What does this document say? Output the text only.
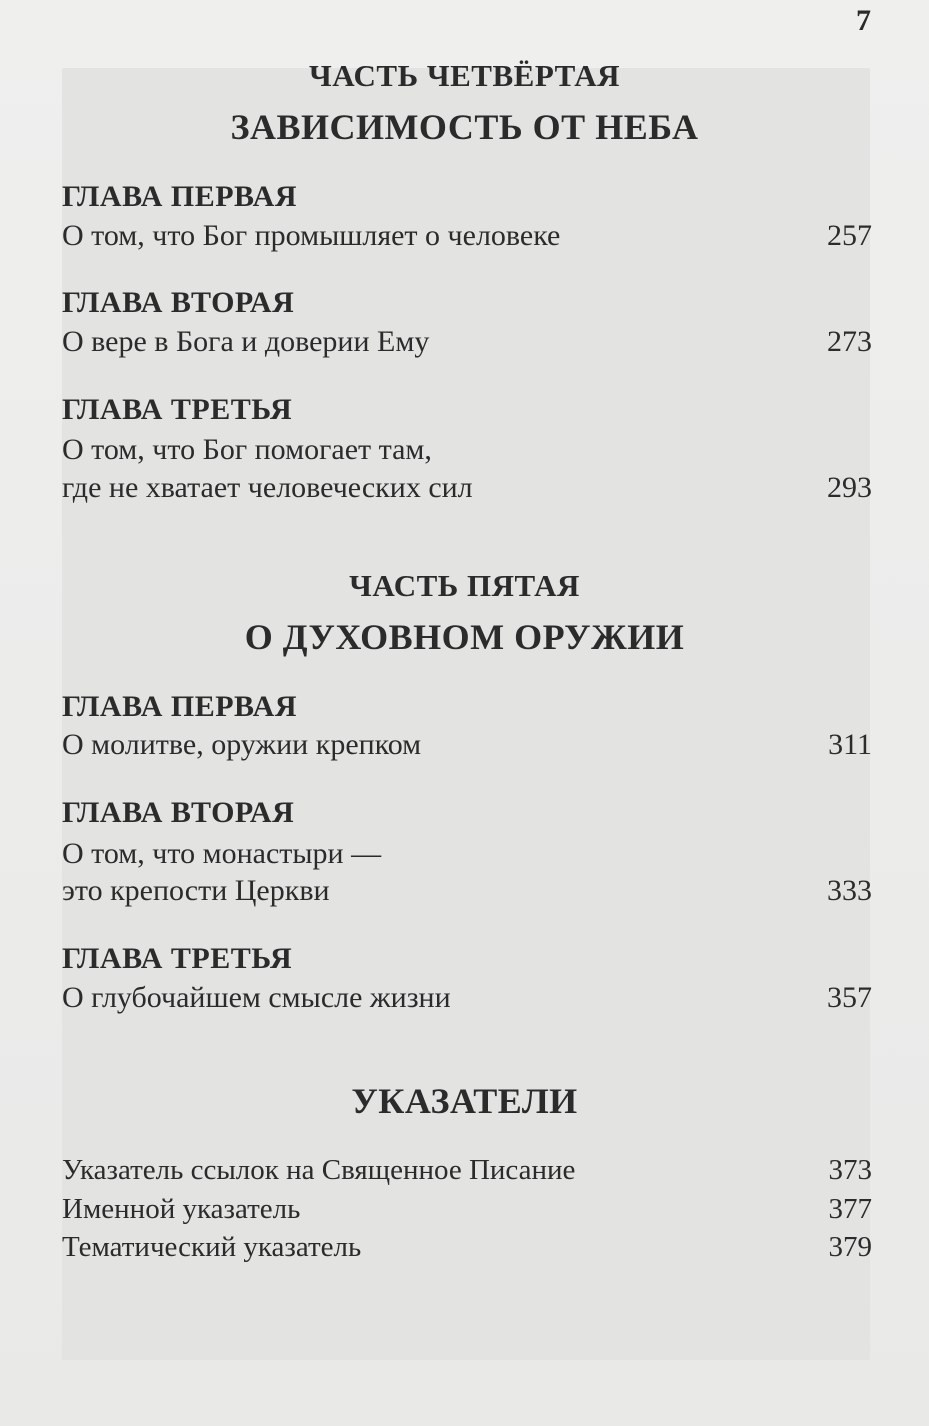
7
ЧАСТЬ ЧЕТВЁРТАЯ
ЗАВИСИМОСТЬ ОТ НЕБА
ГЛАВА ПЕРВАЯ
О том, что Бог промышляет о человеке	257
ГЛАВА ВТОРАЯ
О вере в Бога и доверии Ему	273
ГЛАВА ТРЕТЬЯ
О том, что Бог помогает там,
где не хватает человеческих сил	293
ЧАСТЬ ПЯТАЯ
О ДУХОВНОМ ОРУЖИИ
ГЛАВА ПЕРВАЯ
О молитве, оружии крепком	311
ГЛАВА ВТОРАЯ
О том, что монастыри —
это крепости Церкви	333
ГЛАВА ТРЕТЬЯ
О глубочайшем смысле жизни	357
УКАЗАТЕЛИ
Указатель ссылок на Священное Писание	373
Именной указатель	377
Тематический указатель	379
